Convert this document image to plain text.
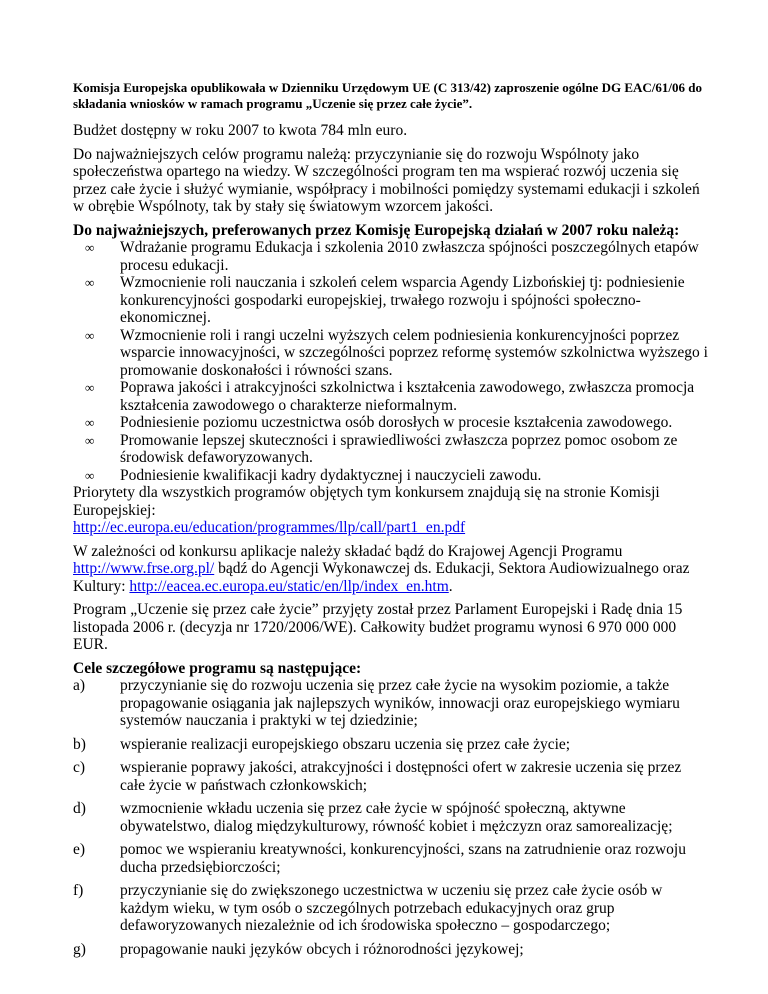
Komisja Europejska opublikowała w Dzienniku Urzędowym UE (C 313/42) zaproszenie ogólne DG EAC/61/06 do składania wniosków w ramach programu „Uczenie się przez całe życie”.

Budżet dostępny w roku 2007 to kwota 784 mln euro.

Do najważniejszych celów programu należą: przyczynianie się do rozwoju Wspólnoty jako społeczeństwa opartego na wiedzy. W szczególności program ten ma wspierać rozwój uczenia się przez całe życie i służyć wymianie, współpracy i mobilności pomiędzy systemami edukacji i szkoleń w obrębie Wspólnoty, tak by stały się światowym wzorcem jakości.

Do najważniejszych, preferowanych przez Komisję Europejską działań w 2007 roku należą:

∞ Wdrażanie programu Edukacja i szkolenia 2010 zwłaszcza spójności poszczególnych etapów procesu edukacji.
∞ Wzmocnienie roli nauczania i szkoleń celem wsparcia Agendy Lizbońskiej tj: podniesienie konkurencyjności gospodarki europejskiej, trwałego rozwoju i spójności społeczno-ekonomicznej.
∞ Wzmocnienie roli i rangi uczelni wyższych celem podniesienia konkurencyjności poprzez wsparcie innowacyjności, w szczególności poprzez reformę systemów szkolnictwa wyższego i promowanie doskonałości i równości szans.
∞ Poprawa jakości i atrakcyjności szkolnictwa i kształcenia zawodowego, zwłaszcza promocja kształcenia zawodowego o charakterze nieformalnym.
∞ Podniesienie poziomu uczestnictwa osób dorosłych w procesie kształcenia zawodowego.
∞ Promowanie lepszej skuteczności i sprawiedliwości zwłaszcza poprzez pomoc osobom ze środowisk defaworyzowanych.
∞ Podniesienie kwalifikacji kadry dydaktycznej i nauczycieli zawodu.

Priorytety dla wszystkich programów objętych tym konkursem znajdują się na stronie Komisji Europejskiej:

http://ec.europa.eu/education/programmes/llp/call/part1_en.pdf

W zależności od konkursu aplikacje należy składać bądź do Krajowej Agencji Programu http://www.frse.org.pl/ bądź do Agencji Wykonawczej ds. Edukacji, Sektora Audiowizualnego oraz Kultury: http://eacea.ec.europa.eu/static/en/llp/index_en.htm.

Program „Uczenie się przez całe życie” przyjęty został przez Parlament Europejski i Radę dnia 15 listopada 2006 r. (decyzja nr 1720/2006/WE). Całkowity budżet programu wynosi 6 970 000 000 EUR.

Cele szczegółowe programu są następujące:

a) przyczynianie się do rozwoju uczenia się przez całe życie na wysokim poziomie, a także propagowanie osiągania jak najlepszych wyników, innowacji oraz europejskiego wymiaru systemów nauczania i praktyki w tej dziedzinie;
b) wspieranie realizacji europejskiego obszaru uczenia się przez całe życie;
c) wspieranie poprawy jakości, atrakcyjności i dostępności ofert w zakresie uczenia się przez całe życie w państwach członkowskich;
d) wzmocnienie wkładu uczenia się przez całe życie w spójność społeczną, aktywne obywatelstwo, dialog międzykulturowy, równość kobiet i mężczyzn oraz samorealizację;
e) pomoc we wspieraniu kreatywności, konkurencyjności, szans na zatrudnienie oraz rozwoju ducha przedsiębiorczości;
f) przyczynianie się do zwiększonego uczestnictwa w uczeniu się przez całe życie osób w każdym wieku, w tym osób o szczególnych potrzebach edukacyjnych oraz grup defaworyzowanych niezależnie od ich środowiska społeczno – gospodarczego;
g) propagowanie nauki języków obcych i różnorodności językowej;
